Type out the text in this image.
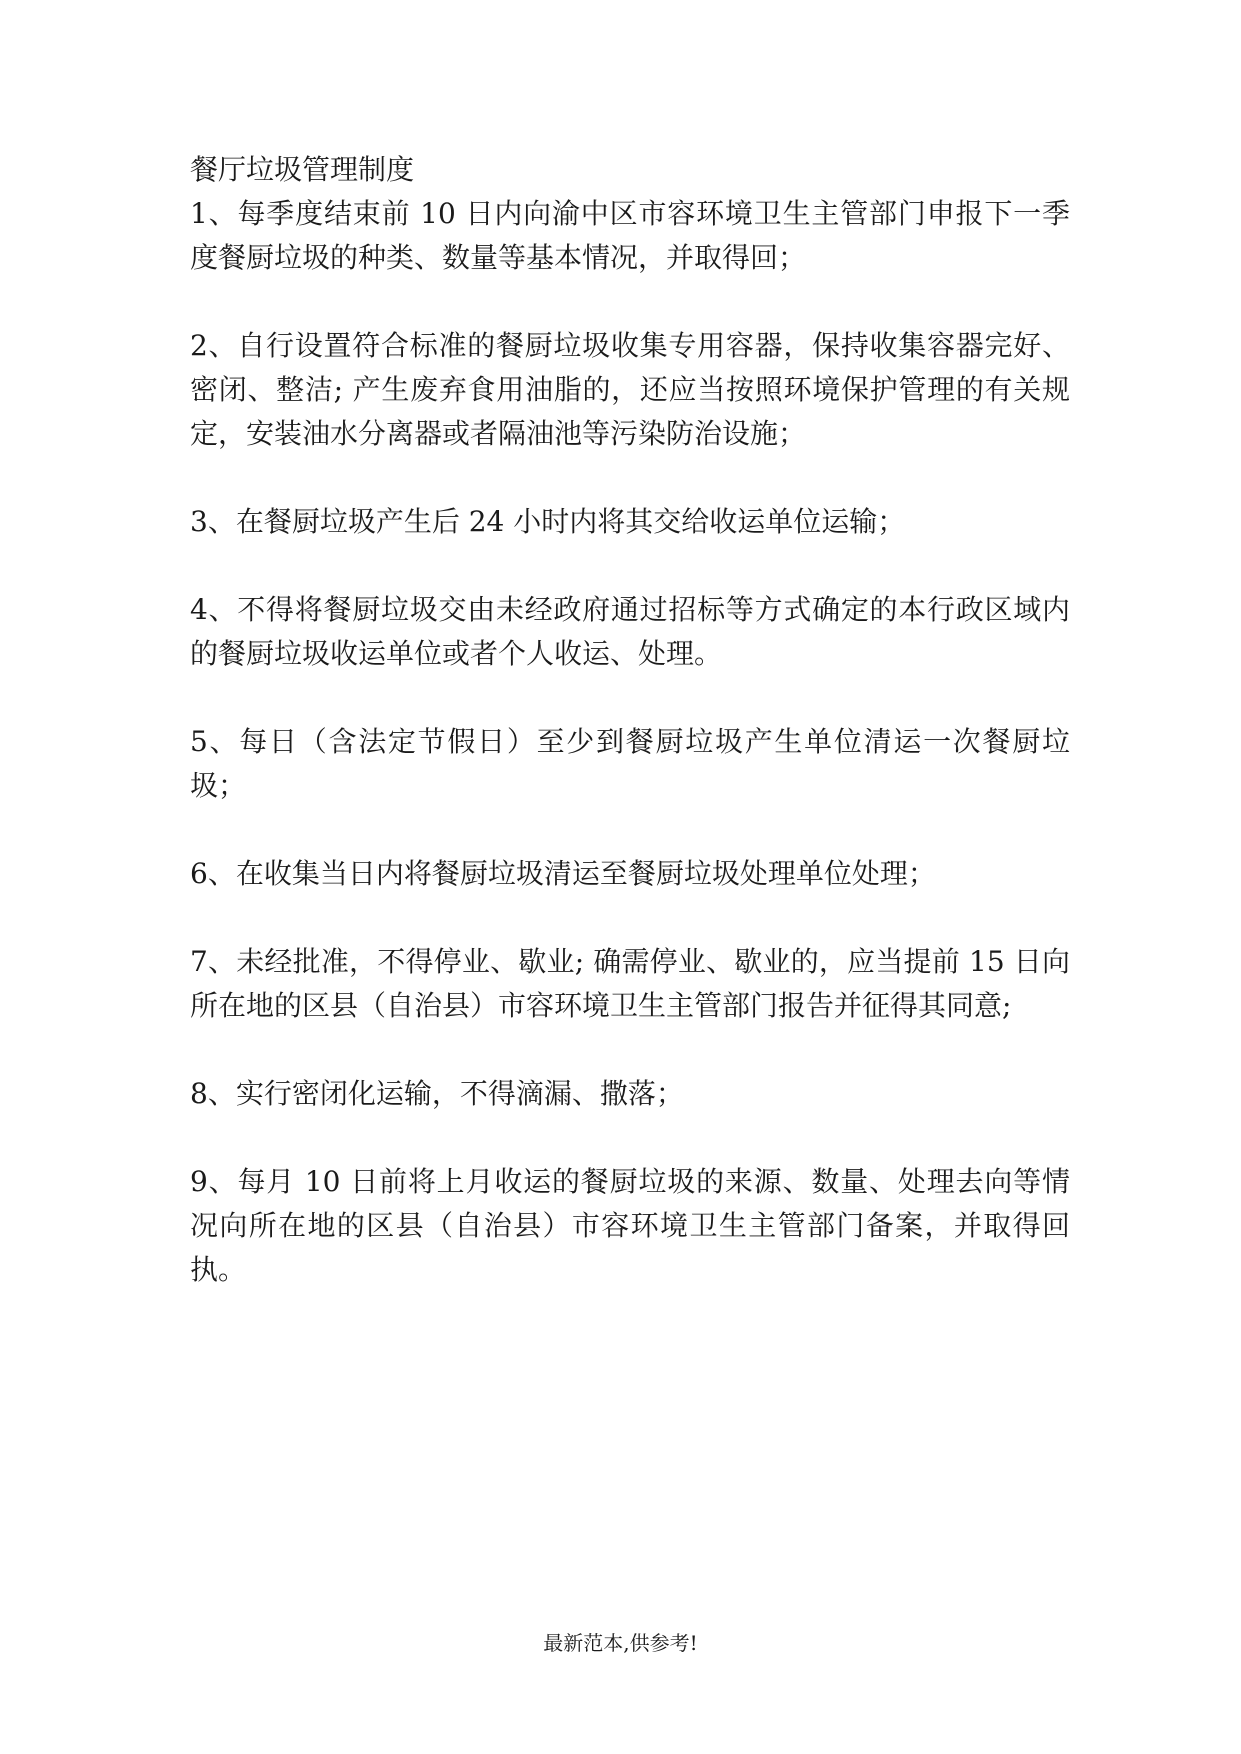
餐厅垃圾管理制度

1、每季度结束前 10 日内向渝中区市容环境卫生主管部门申报下一季度餐厨垃圾的种类、数量等基本情况，并取得回；

2、自行设置符合标准的餐厨垃圾收集专用容器，保持收集容器完好、密闭、整洁; 产生废弃食用油脂的，还应当按照环境保护管理的有关规定，安装油水分离器或者隔油池等污染防治设施；

3、在餐厨垃圾产生后 24 小时内将其交给收运单位运输；

4、不得将餐厨垃圾交由未经政府通过招标等方式确定的本行政区域内的餐厨垃圾收运单位或者个人收运、处理。

5、每日（含法定节假日）至少到餐厨垃圾产生单位清运一次餐厨垃圾；

6、在收集当日内将餐厨垃圾清运至餐厨垃圾处理单位处理；

7、未经批准，不得停业、歇业; 确需停业、歇业的，应当提前 15 日向所在地的区县（自治县）市容环境卫生主管部门报告并征得其同意;

8、实行密闭化运输，不得滴漏、撒落；

9、每月 10 日前将上月收运的餐厨垃圾的来源、数量、处理去向等情况向所在地的区县（自治县）市容环境卫生主管部门备案，并取得回执。

最新范本,供参考!
